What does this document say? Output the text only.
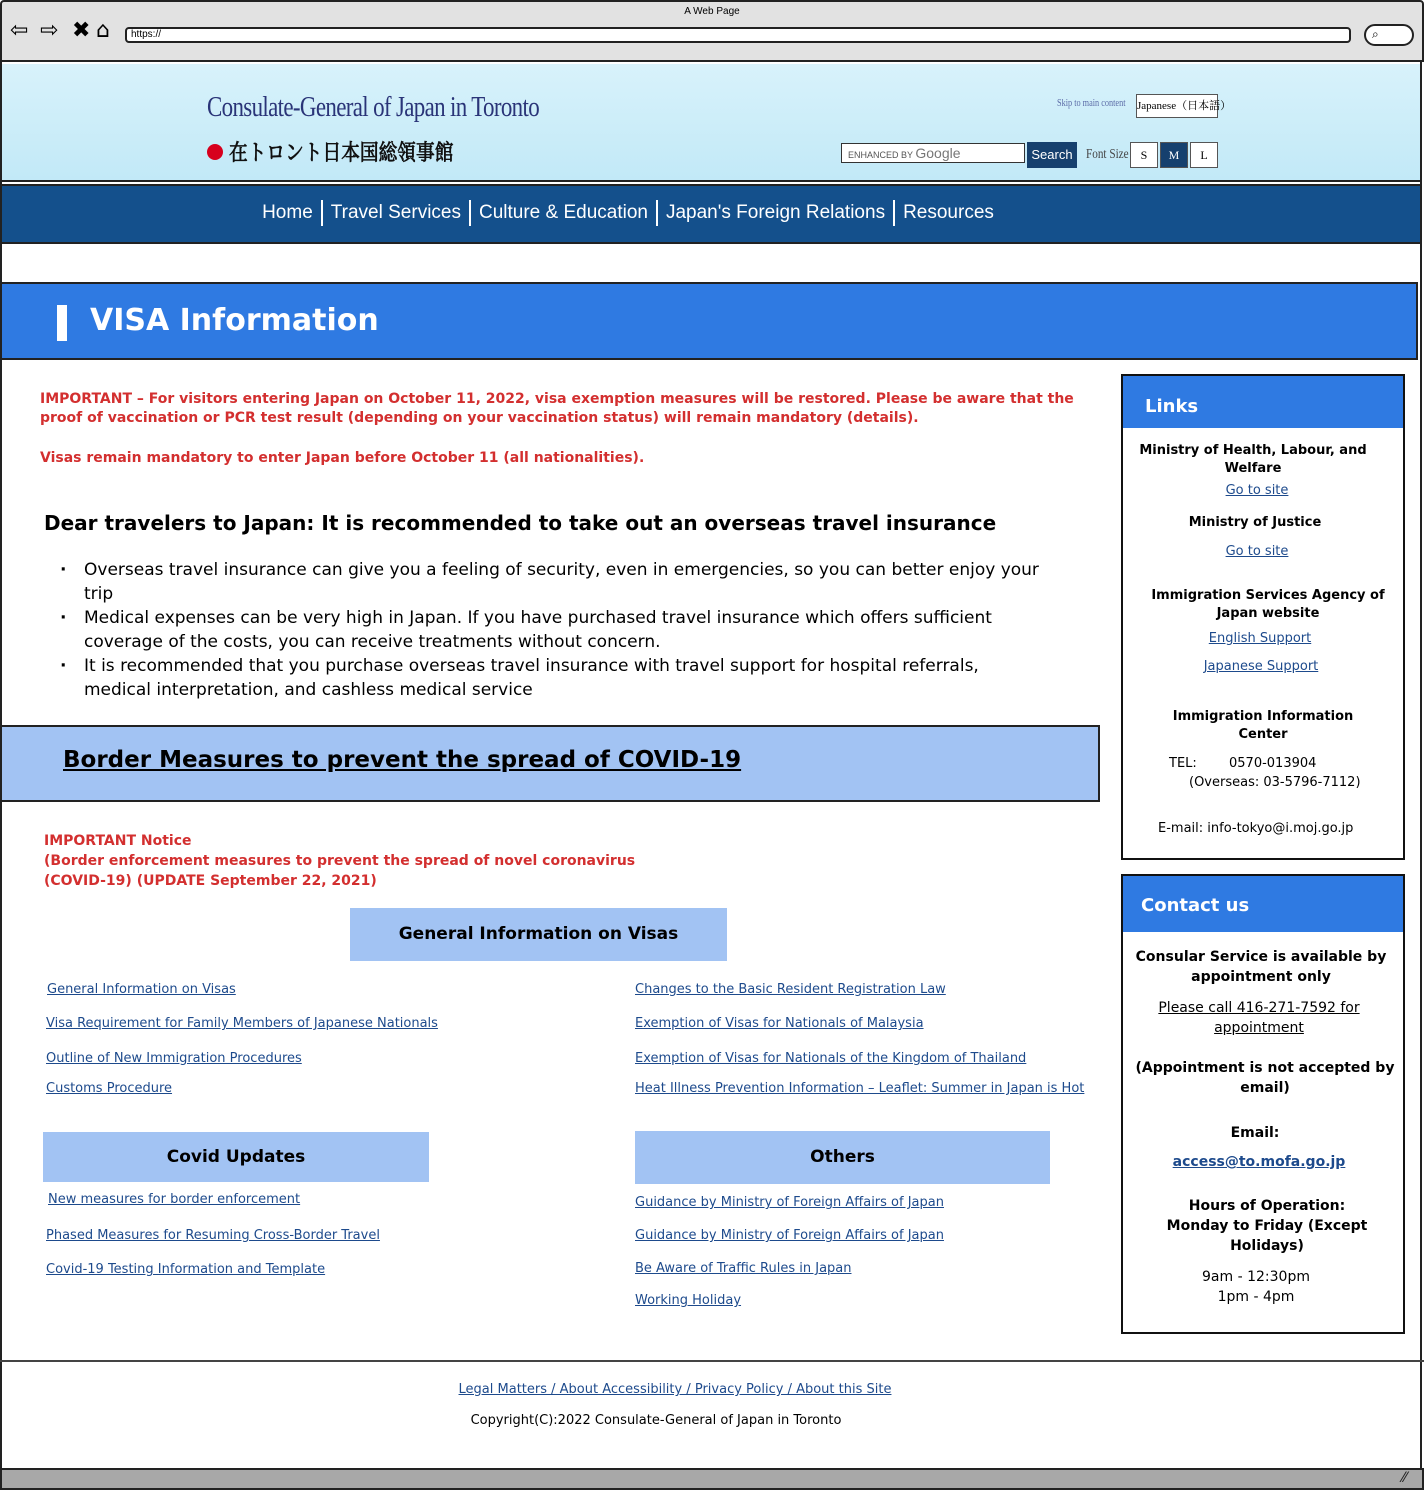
A Web Page
⇦ ⇨ ✖ ⌂	https://	⌕
Consulate-General of Japan in Toronto
在トロント日本国総領事館
Skip to main content Japanese（日本語）
ENHANCED BY Google	Search Font Size	S	M	L
Home Travel Services Culture & Education Japan's Foreign Relations Resources
VISA Information
IMPORTANT – For visitors entering Japan on October 11, 2022, visa exemption measures will be restored. Please be aware that the proof of vaccination or PCR test result (depending on your vaccination status) will remain mandatory (details).
Visas remain mandatory to enter Japan before October 11 (all nationalities).
Dear travelers to Japan: It is recommended to take out an overseas travel insurance
· Overseas travel insurance can give you a feeling of security, even in emergencies, so you can better enjoy your trip
· Medical expenses can be very high in Japan. If you have purchased travel insurance which offers sufficient coverage of the costs, you can receive treatments without concern.
· It is recommended that you purchase overseas travel insurance with travel support for hospital referrals, medical interpretation, and cashless medical service
Border Measures to prevent the spread of COVID-19
IMPORTANT Notice
(Border enforcement measures to prevent the spread of novel coronavirus
(COVID-19) (UPDATE September 22, 2021)
General Information on Visas
General Information on Visas
Visa Requirement for Family Members of Japanese Nationals
Outline of New Immigration Procedures
Customs Procedure
Changes to the Basic Resident Registration Law
Exemption of Visas for Nationals of Malaysia
Exemption of Visas for Nationals of the Kingdom of Thailand
Heat Illness Prevention Information – Leaflet: Summer in Japan is Hot
Covid Updates
New measures for border enforcement
Phased Measures for Resuming Cross-Border Travel
Covid-19 Testing Information and Template
Others
Guidance by Ministry of Foreign Affairs of Japan
Guidance by Ministry of Foreign Affairs of Japan
Be Aware of Traffic Rules in Japan
Working Holiday
Links
Ministry of Health, Labour, and
Welfare
Go to site
Ministry of Justice
Go to site
Immigration Services Agency of
Japan website
English Support
Japanese Support
Immigration Information
Center
TEL: 0570-013904
(Overseas: 03-5796-7112)
E-mail: info-tokyo@i.moj.go.jp
Contact us
Consular Service is available by
appointment only
Please call 416-271-7592 for
appointment
(Appointment is not accepted by
email)
Email:
access@to.mofa.go.jp
Hours of Operation:
Monday to Friday (Except
Holidays)
9am - 12:30pm
1pm - 4pm
Legal Matters / About Accessibility / Privacy Policy / About this Site
Copyright(C):2022 Consulate-General of Japan in Toronto
⁄⁄
